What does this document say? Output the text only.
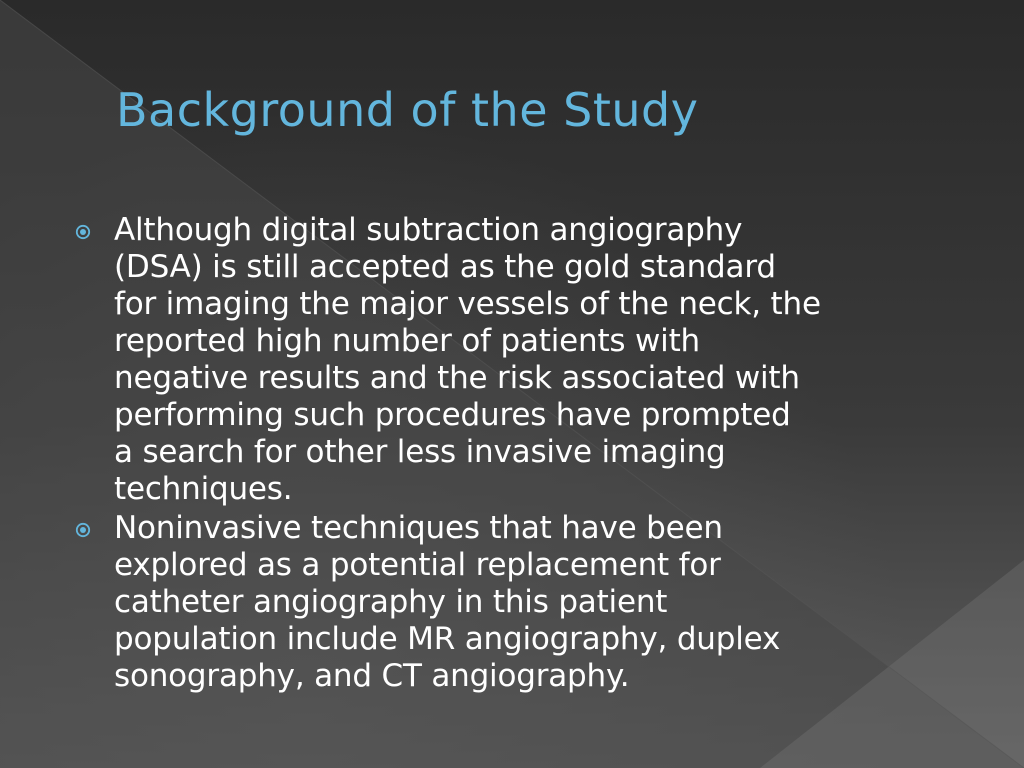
Background of the Study
Although digital subtraction angiography
(DSA) is still accepted as the gold standard
for imaging the major vessels of the neck, the
reported high number of patients with
negative results and the risk associated with
performing such procedures have prompted
a search for other less invasive imaging
techniques.
Noninvasive techniques that have been
explored as a potential replacement for
catheter angiography in this patient
population include MR angiography, duplex
sonography, and CT angiography.
